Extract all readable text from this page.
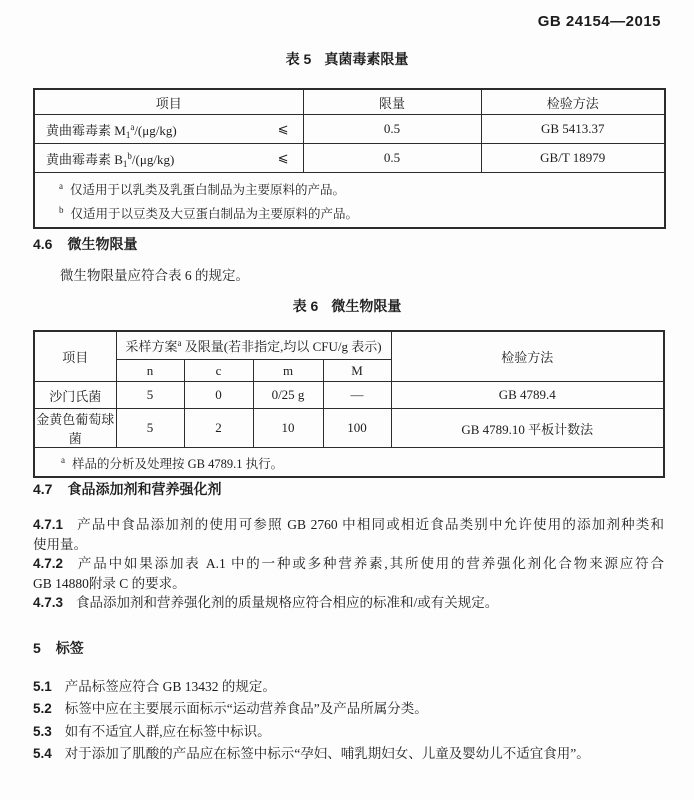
GB 24154—2015
表 5 真菌毒素限量
项目	限量	检验方法

黄曲霉毒素 $M_1^a/(\mu g/kg)$ ⩽	0.5	GB 5413.37

黄曲霉毒素 $B_1^b/(\mu g/kg)$ ⩽	0.5	GB/T 18979

$^a$ 仅适用于以乳类及乳蛋白制品为主要原料的产品。
$^b$ 仅适用于以豆类及大豆蛋白制品为主要原料的产品。		
4.6 微生物限量
微生物限量应符合表 6 的规定。
表 6 微生物限量
项目	采样方案$^a$ 及限量(若非指定,均以 CFU/g 表示)				检验方法
	n	c	m	M	
沙门氏菌	5	0	0/25 g	—	GB 4789.4
金黄色葡萄球菌	5	2	10	100	GB 4789.10 平板计数法

$^a$ 样品的分析及处理按 GB 4789.1 执行。					
4.7 食品添加剂和营养强化剂
4.7.1 产品中食品添加剂的使用可参照 GB 2760 中相同或相近食品类别中允许使用的添加剂种类和
使用量。
4.7.2 产品中如果添加表 A.1 中的一种或多种营养素,其所使用的营养强化剂化合物来源应符合
GB 14880附录 C 的要求。
4.7.3 食品添加剂和营养强化剂的质量规格应符合相应的标准和/或有关规定。
5 标签
5.1 产品标签应符合 GB 13432 的规定。
5.2 标签中应在主要展示面标示“运动营养食品”及产品所属分类。
5.3 如有不适宜人群,应在标签中标识。
5.4 对于添加了肌酸的产品应在标签中标示“孕妇、哺乳期妇女、儿童及婴幼儿不适宜食用”。
